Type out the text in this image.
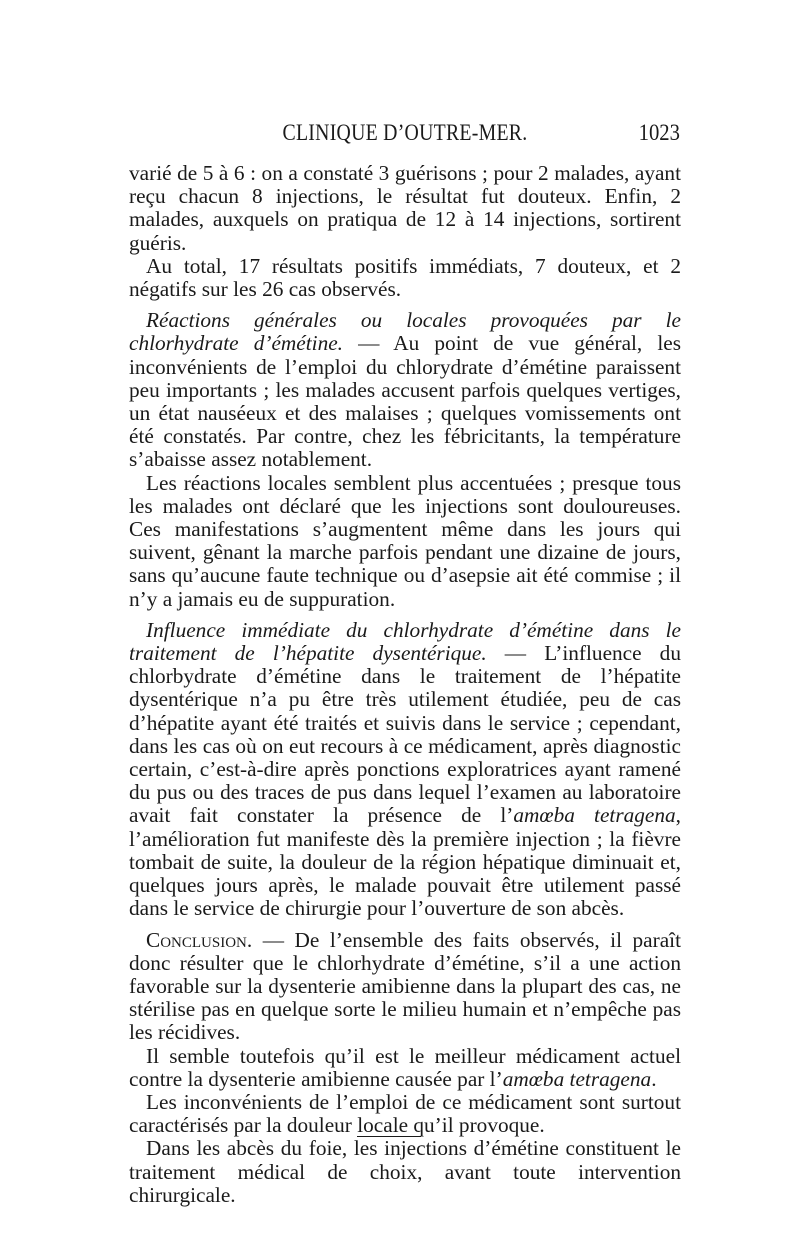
CLINIQUE D’OUTRE-MER.	1023

varié de 5 à 6 : on a constaté 3 guérisons ; pour 2 malades, ayant reçu chacun 8 injections, le résultat fut douteux. Enfin, 2 malades, auxquels on pratiqua de 12 à 14 injections, sortirent guéris.

Au total, 17 résultats positifs immédiats, 7 douteux, et 2 négatifs sur les 26 cas observés.

Réactions générales ou locales provoquées par le chlorhydrate d’émétine. — Au point de vue général, les inconvénients de l’emploi du chlorydrate d’émétine paraissent peu importants ; les malades accusent parfois quelques vertiges, un état nauséeux et des malaises ; quelques vomissements ont été constatés. Par contre, chez les fébricitants, la température s’abaisse assez notablement.

Les réactions locales semblent plus accentuées ; presque tous les malades ont déclaré que les injections sont douloureuses. Ces manifestations s’augmentent même dans les jours qui suivent, gênant la marche parfois pendant une dizaine de jours, sans qu’aucune faute technique ou d’asepsie ait été commise ; il n’y a jamais eu de suppuration.

Influence immédiate du chlorhydrate d’émétine dans le traitement de l’hépatite dysentérique. — L’influence du chlorbydrate d’émétine dans le traitement de l’hépatite dysentérique n’a pu être très utilement étudiée, peu de cas d’hépatite ayant été traités et suivis dans le service ; cependant, dans les cas où on eut recours à ce médicament, après diagnostic certain, c’est-à-dire après ponctions exploratrices ayant ramené du pus ou des traces de pus dans lequel l’examen au laboratoire avait fait constater la présence de l’amœba tetragena, l’amélioration fut manifeste dès la première injection ; la fièvre tombait de suite, la douleur de la région hépatique diminuait et, quelques jours après, le malade pouvait être utilement passé dans le service de chirurgie pour l’ouverture de son abcès.

Conclusion. — De l’ensemble des faits observés, il paraît donc résulter que le chlorhydrate d’émétine, s’il a une action favorable sur la dysenterie amibienne dans la plupart des cas, ne stérilise pas en quelque sorte le milieu humain et n’empêche pas les récidives.

Il semble toutefois qu’il est le meilleur médicament actuel contre la dysenterie amibienne causée par l’amœba tetragena.

Les inconvénients de l’emploi de ce médicament sont surtout caractérisés par la douleur locale qu’il provoque.

Dans les abcès du foie, les injections d’émétine constituent le traitement médical de choix, avant toute intervention chirurgicale.
